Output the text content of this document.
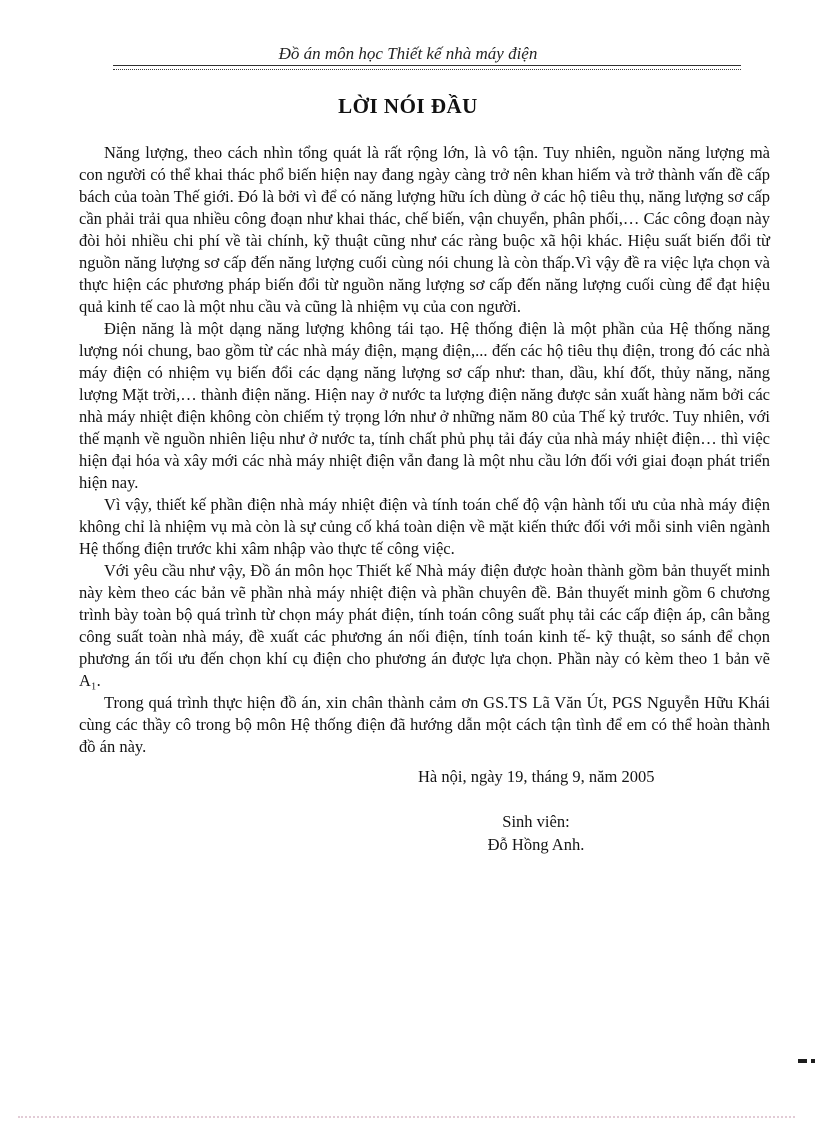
Đồ án môn học Thiết kế nhà máy điện
LỜI NÓI ĐẦU

Năng lượng, theo cách nhìn tổng quát là rất rộng lớn, là vô tận. Tuy nhiên, nguồn năng lượng mà con người có thể khai thác phổ biến hiện nay đang ngày càng trở nên khan hiếm và trở thành vấn đề cấp bách của toàn Thế giới. Đó là bởi vì để có năng lượng hữu ích dùng ở các hộ tiêu thụ, năng lượng sơ cấp cần phải trải qua nhiều công đoạn như khai thác, chế biến, vận chuyển, phân phối,… Các công đoạn này đòi hỏi nhiều chi phí về tài chính, kỹ thuật cũng như các ràng buộc xã hội khác. Hiệu suất biến đổi từ nguồn năng lượng sơ cấp đến năng lượng cuối cùng nói chung là còn thấp.Vì vậy đề ra việc lựa chọn và thực hiện các phương pháp biến đổi từ nguồn năng lượng sơ cấp đến năng lượng cuối cùng để đạt hiệu quả kinh tế cao là một nhu cầu và cũng là nhiệm vụ của con người.

Điện năng là một dạng năng lượng không tái tạo. Hệ thống điện là một phần của Hệ thống năng lượng nói chung, bao gồm từ các nhà máy điện, mạng điện,... đến các hộ tiêu thụ điện, trong đó các nhà máy điện có nhiệm vụ biến đổi các dạng năng lượng sơ cấp như: than, dầu, khí đốt, thủy năng, năng lượng Mặt trời,… thành điện năng. Hiện nay ở nước ta lượng điện năng được sản xuất hàng năm bởi các nhà máy nhiệt điện không còn chiếm tỷ trọng lớn như ở những năm 80 của Thế kỷ trước. Tuy nhiên, với thế mạnh về nguồn nhiên liệu như ở nước ta, tính chất phủ phụ tải đáy của nhà máy nhiệt điện… thì việc hiện đại hóa và xây mới các nhà máy nhiệt điện vẫn đang là một nhu cầu lớn đối với giai đoạn phát triển hiện nay.

Vì vậy, thiết kế phần điện nhà máy nhiệt điện và tính toán chế độ vận hành tối ưu của nhà máy điện không chỉ là nhiệm vụ mà còn là sự củng cố khá toàn diện về mặt kiến thức đối với mỗi sinh viên ngành Hệ thống điện trước khi xâm nhập vào thực tế công việc.

Với yêu cầu như vậy, Đồ án môn học Thiết kế Nhà máy điện được hoàn thành gồm bản thuyết minh này kèm theo các bản vẽ phần nhà máy nhiệt điện và phần chuyên đề. Bản thuyết minh gồm 6 chương trình bày toàn bộ quá trình từ chọn máy phát điện, tính toán công suất phụ tải các cấp điện áp, cân bằng công suất toàn nhà máy, đề xuất các phương án nối điện, tính toán kinh tế- kỹ thuật, so sánh để chọn phương án tối ưu đến chọn khí cụ điện cho phương án được lựa chọn. Phần này có kèm theo 1 bản vẽ A₁.

Trong quá trình thực hiện đồ án, xin chân thành cảm ơn GS.TS Lã Văn Út, PGS Nguyễn Hữu Khái cùng các thầy cô trong bộ môn Hệ thống điện đã hướng dẫn một cách tận tình để em có thể hoàn thành đồ án này.

Hà nội, ngày 19, tháng 9, năm 2005
Sinh viên:
Đỗ Hồng Anh.
